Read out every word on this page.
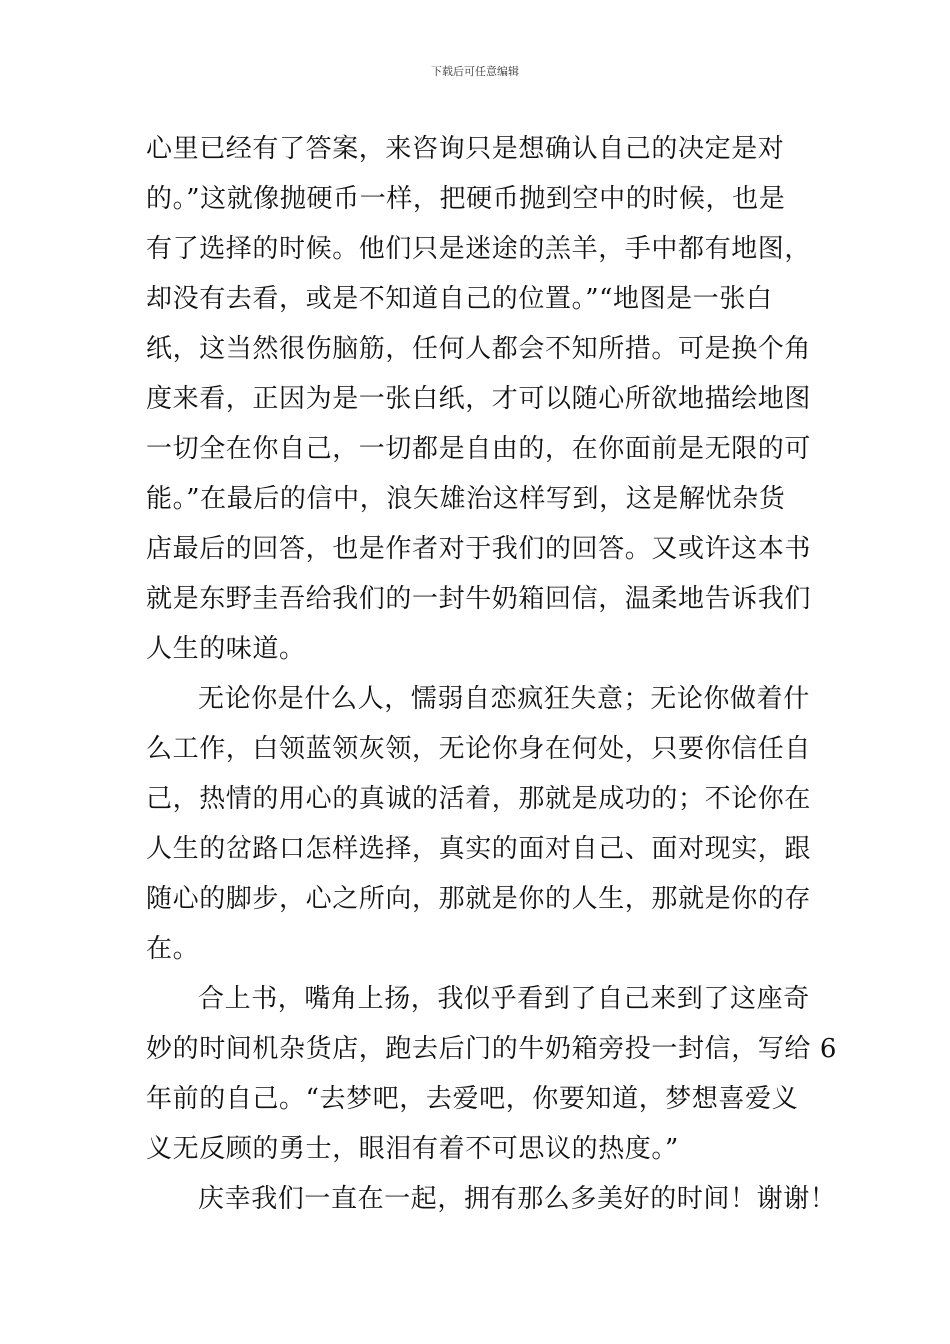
下载后可任意编辑
心里已经有了答案，来咨询只是想确认自己的决定是对
的。”这就像抛硬币一样，把硬币抛到空中的时候，也是
有了选择的时候。他们只是迷途的羔羊，手中都有地图，
却没有去看，或是不知道自己的位置。”“地图是一张白
纸，这当然很伤脑筋，任何人都会不知所措。可是换个角
度来看，正因为是一张白纸，才可以随心所欲地描绘地图
一切全在你自己，一切都是自由的，在你面前是无限的可
能。”在最后的信中，浪矢雄治这样写到，这是解忧杂货
店最后的回答，也是作者对于我们的回答。又或许这本书
就是东野圭吾给我们的一封牛奶箱回信，温柔地告诉我们
人生的味道。
无论你是什么人，懦弱自恋疯狂失意；无论你做着什
么工作，白领蓝领灰领，无论你身在何处，只要你信任自
己，热情的用心的真诚的活着，那就是成功的；不论你在
人生的岔路口怎样选择，真实的面对自己、面对现实，跟
随心的脚步，心之所向，那就是你的人生，那就是你的存
在。
合上书，嘴角上扬，我似乎看到了自己来到了这座奇
妙的时间机杂货店，跑去后门的牛奶箱旁投一封信，写给 6
年前的自己。“去梦吧，去爱吧，你要知道，梦想喜爱义
义无反顾的勇士，眼泪有着不可思议的热度。”
庆幸我们一直在一起，拥有那么多美好的时间！谢谢！
